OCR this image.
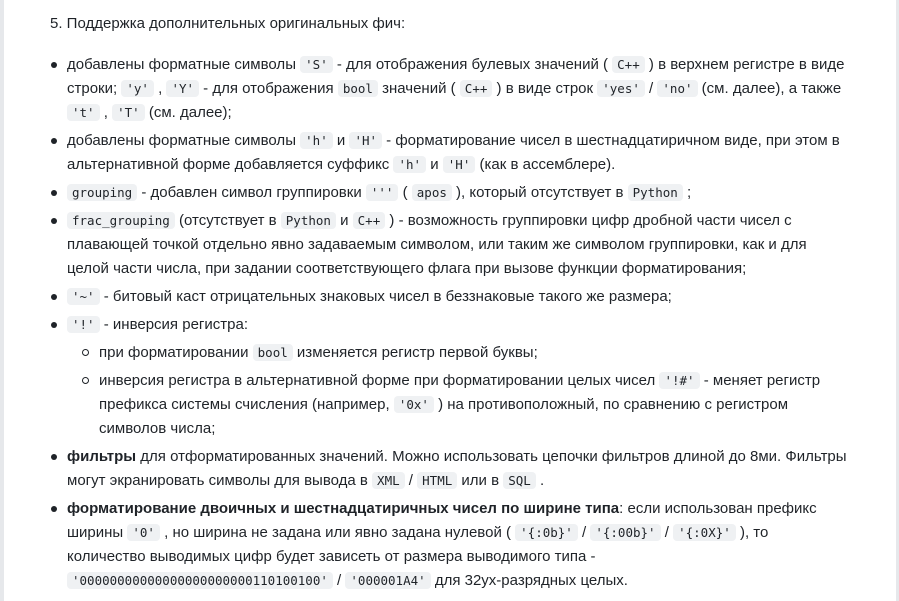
5. Поддержка дополнительных оригинальных фич:

добавлены форматные символы 'S' - для отображения булевых значений ( C++ ) в верхнем регистре в виде строки; 'y' , 'Y' - для отображения bool значений ( C++ ) в виде строк 'yes' / 'no' (см. далее), а также 't' , 'T' (см. далее);
добавлены форматные символы 'h' и 'H' - форматирование чисел в шестнадцатиричном виде, при этом в альтернативной форме добавляется суффикс 'h' и 'H' (как в ассемблере).
grouping - добавлен символ группировки ''' ( apos ), который отсутствует в Python ;
frac_grouping (отсутствует в Python и C++ ) - возможность группировки цифр дробной части чисел с плавающей точкой отдельно явно задаваемым символом, или таким же символом группировки, как и для целой части числа, при задании соответствующего флага при вызове функции форматирования;
'~' - битовый каст отрицательных знаковых чисел в беззнаковые такого же размера;
'!' - инверсия регистра:
при форматировании bool изменяется регистр первой буквы;
инверсия регистра в альтернативной форме при форматировании целых чисел '!#' - меняет регистр префикса системы счисления (например, '0x' ) на противоположный, по сравнению с регистром символов числа;
фильтры для отформатированных значений. Можно использовать цепочки фильтров длиной до 8ми. Фильтры могут экранировать символы для вывода в XML / HTML или в SQL .
форматирование двоичных и шестнадцатиричных чисел по ширине типа: если использован префикс ширины '0' , но ширина не задана или явно задана нулевой ( '{:0b}' / '{:00b}' / '{:0X}' ), то количество выводимых цифр будет зависеть от размера выводимого типа - '00000000000000000000000110100100' / '000001A4' для 32ух-разрядных целых.
